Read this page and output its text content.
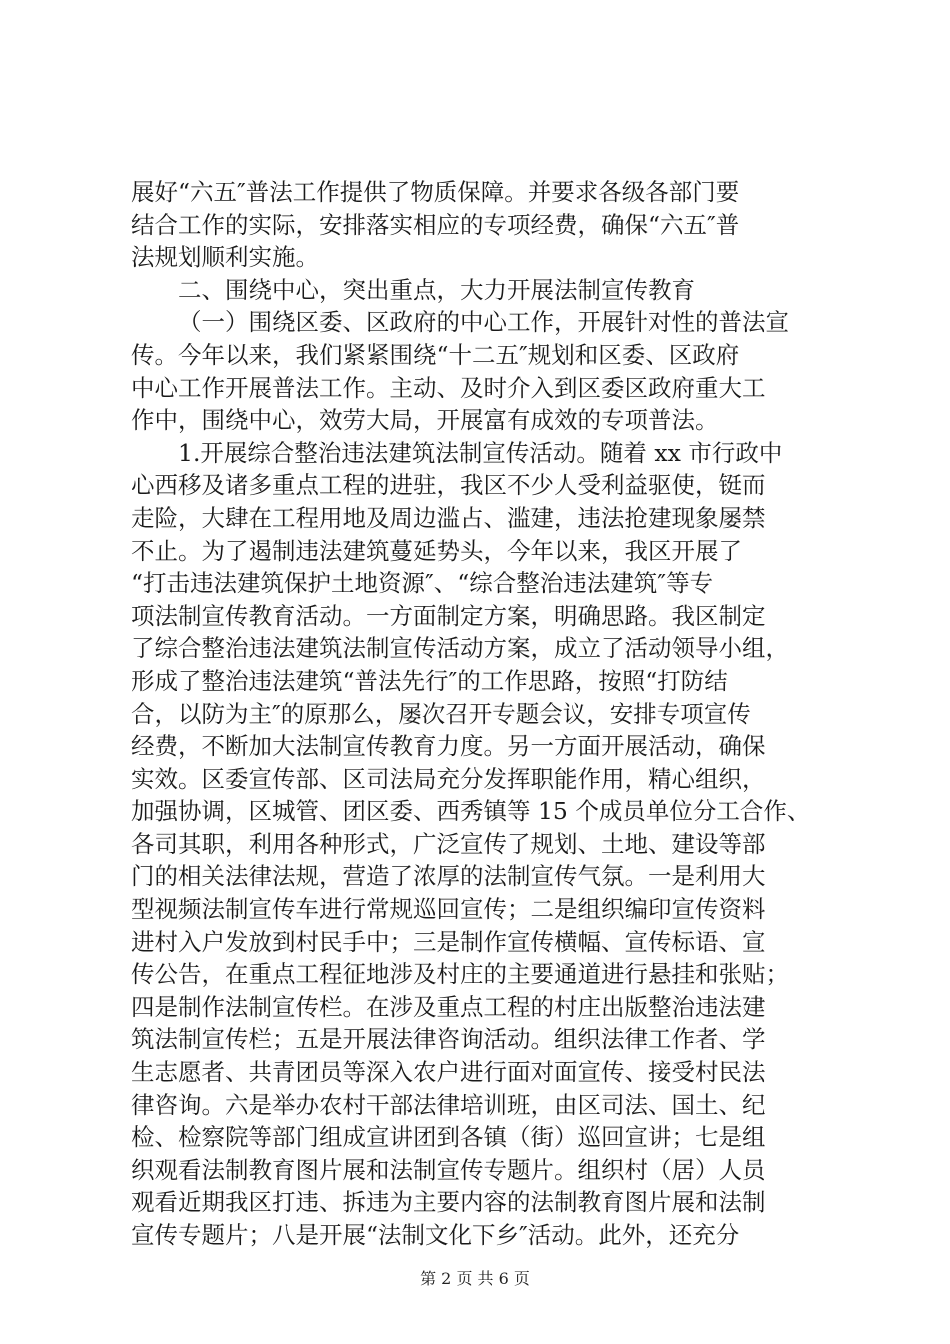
展好“六五″普法工作提供了物质保障。并要求各级各部门要
结合工作的实际，安排落实相应的专项经费，确保“六五″普
法规划顺利实施。
二、围绕中心，突出重点，大力开展法制宣传教育
（一）围绕区委、区政府的中心工作，开展针对性的普法宣
传。今年以来，我们紧紧围绕“十二五″规划和区委、区政府
中心工作开展普法工作。主动、及时介入到区委区政府重大工
作中，围绕中心，效劳大局，开展富有成效的专项普法。
1.开展综合整治违法建筑法制宣传活动。随着 xx 市行政中
心西移及诸多重点工程的进驻，我区不少人受利益驱使，铤而
走险，大肆在工程用地及周边滥占、滥建，违法抢建现象屡禁
不止。为了遏制违法建筑蔓延势头，今年以来，我区开展了
“打击违法建筑保护土地资源″、“综合整治违法建筑″等专
项法制宣传教育活动。一方面制定方案，明确思路。我区制定
了综合整治违法建筑法制宣传活动方案，成立了活动领导小组，
形成了整治违法建筑“普法先行″的工作思路，按照“打防结
合，以防为主″的原那么，屡次召开专题会议，安排专项宣传
经费，不断加大法制宣传教育力度。另一方面开展活动，确保
实效。区委宣传部、区司法局充分发挥职能作用，精心组织，
加强协调，区城管、团区委、西秀镇等 15 个成员单位分工合作、
各司其职，利用各种形式，广泛宣传了规划、土地、建设等部
门的相关法律法规，营造了浓厚的法制宣传气氛。一是利用大
型视频法制宣传车进行常规巡回宣传；二是组织编印宣传资料
进村入户发放到村民手中；三是制作宣传横幅、宣传标语、宣
传公告，在重点工程征地涉及村庄的主要通道进行悬挂和张贴；
四是制作法制宣传栏。在涉及重点工程的村庄出版整治违法建
筑法制宣传栏；五是开展法律咨询活动。组织法律工作者、学
生志愿者、共青团员等深入农户进行面对面宣传、接受村民法
律咨询。六是举办农村干部法律培训班，由区司法、国土、纪
检、检察院等部门组成宣讲团到各镇（街）巡回宣讲；七是组
织观看法制教育图片展和法制宣传专题片。组织村（居）人员
观看近期我区打违、拆违为主要内容的法制教育图片展和法制
宣传专题片；八是开展“法制文化下乡″活动。此外，还充分
第 2 页 共 6 页
